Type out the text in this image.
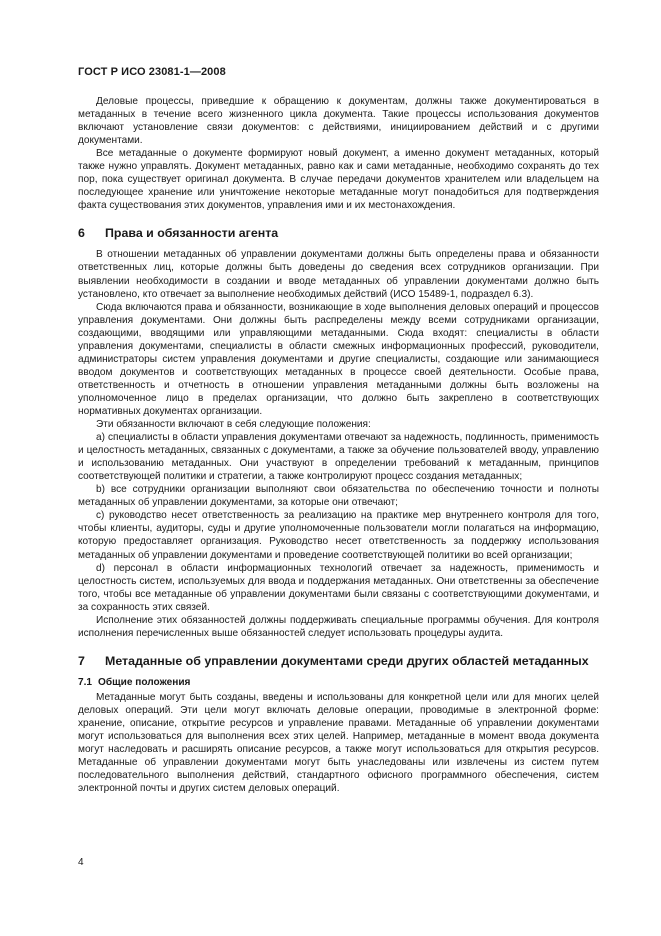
ГОСТ Р ИСО 23081-1—2008

Деловые процессы, приведшие к обращению к документам, должны также документироваться в метаданных в течение всего жизненного цикла документа. Такие процессы использования документов включают установление связи документов: с действиями, инициированием действий и с другими документами.

Все метаданные о документе формируют новый документ, а именно документ метаданных, который также нужно управлять. Документ метаданных, равно как и сами метаданные, необходимо сохранять до тех пор, пока существует оригинал документа. В случае передачи документов хранителем или владельцем на последующее хранение или уничтожение некоторые метаданные могут понадобиться для подтверждения факта существования этих документов, управления ими и их местонахождения.

6 Права и обязанности агента

В отношении метаданных об управлении документами должны быть определены права и обязанности ответственных лиц, которые должны быть доведены до сведения всех сотрудников организации. При выявлении необходимости в создании и вводе метаданных об управлении документами должно быть установлено, кто отвечает за выполнение необходимых действий (ИСО 15489-1, подраздел 6.3).

Сюда включаются права и обязанности, возникающие в ходе выполнения деловых операций и процессов управления документами. Они должны быть распределены между всеми сотрудниками организации, создающими, вводящими или управляющими метаданными. Сюда входят: специалисты в области управления документами, специалисты в области смежных информационных профессий, руководители, администраторы систем управления документами и другие специалисты, создающие или занимающиеся вводом документов и соответствующих метаданных в процессе своей деятельности. Особые права, ответственность и отчетность в отношении управления метаданными должны быть возложены на уполномоченное лицо в пределах организации, что должно быть закреплено в соответствующих нормативных документах организации.

Эти обязанности включают в себя следующие положения:

а) специалисты в области управления документами отвечают за надежность, подлинность, применимость и целостность метаданных, связанных с документами, а также за обучение пользователей вводу, управлению и использованию метаданных. Они участвуют в определении требований к метаданным, принципов соответствующей политики и стратегии, а также контролируют процесс создания метаданных;

b) все сотрудники организации выполняют свои обязательства по обеспечению точности и полноты метаданных об управлении документами, за которые они отвечают;

c) руководство несет ответственность за реализацию на практике мер внутреннего контроля для того, чтобы клиенты, аудиторы, суды и другие уполномоченные пользователи могли полагаться на информацию, которую предоставляет организация. Руководство несет ответственность за поддержку использования метаданных об управлении документами и проведение соответствующей политики во всей организации;

d) персонал в области информационных технологий отвечает за надежность, применимость и целостность систем, используемых для ввода и поддержания метаданных. Они ответственны за обеспечение того, чтобы все метаданные об управлении документами были связаны с соответствующими документами, и за сохранность этих связей.

Исполнение этих обязанностей должны поддерживать специальные программы обучения. Для контроля исполнения перечисленных выше обязанностей следует использовать процедуры аудита.

7 Метаданные об управлении документами среди других областей метаданных
7.1 Общие положения

Метаданные могут быть созданы, введены и использованы для конкретной цели или для многих целей деловых операций. Эти цели могут включать деловые операции, проводимые в электронной форме: хранение, описание, открытие ресурсов и управление правами. Метаданные об управлении документами могут использоваться для выполнения всех этих целей. Например, метаданные в момент ввода документа могут наследовать и расширять описание ресурсов, а также могут использоваться для открытия ресурсов. Метаданные об управлении документами могут быть унаследованы или извлечены из систем путем последовательного выполнения действий, стандартного офисного программного обеспечения, систем электронной почты и других систем деловых операций.

4
